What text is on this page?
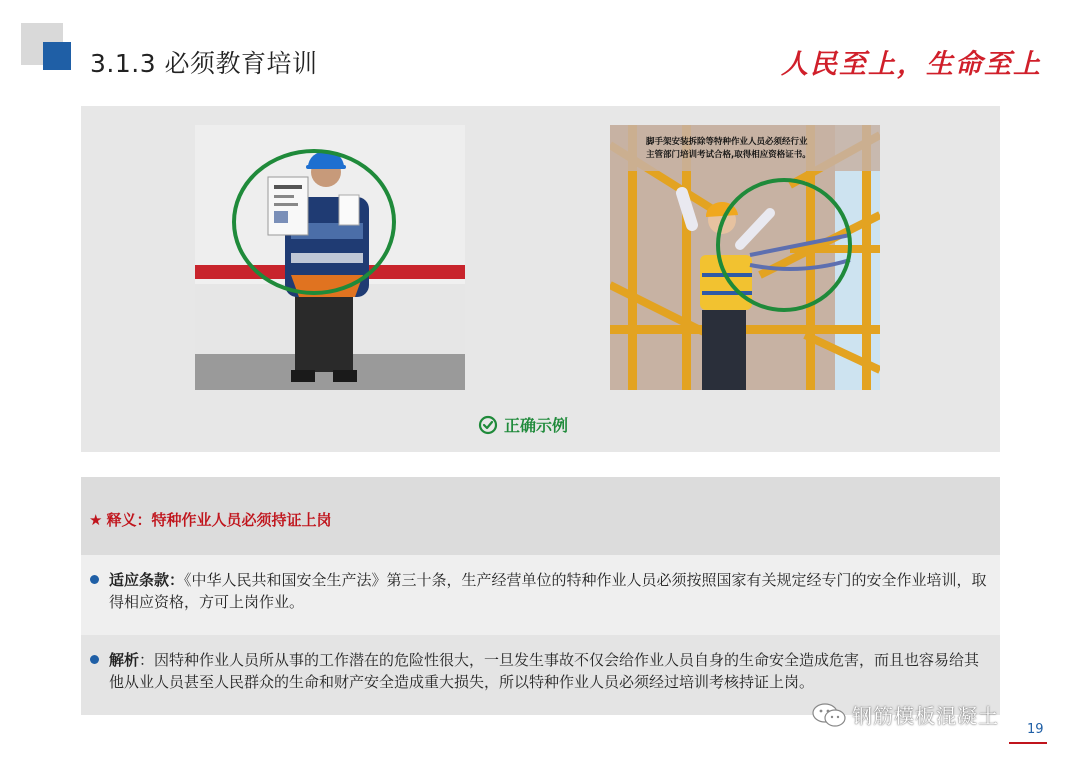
3.1.3 必须教育培训	人民至上，生命至上
脚手架安装拆除等特种作业人员必须经行业
主管部门培训考试合格,取得相应资格证书。
正确示例
★ 释义：特种作业人员必须持证上岗
适应条款：《中华人民共和国安全生产法》第三十条，生产经营单位的特种作业人员必须按照国家有关规定经专门的安全作业培训，取得相应资格，方可上岗作业。
解析：因特种作业人员所从事的工作潜在的危险性很大，一旦发生事故不仅会给作业人员自身的生命安全造成危害，而且也容易给其他从业人员甚至人民群众的生命和财产安全造成重大损失，所以特种作业人员必须经过培训考核持证上岗。
钢筋模板混凝土
19
